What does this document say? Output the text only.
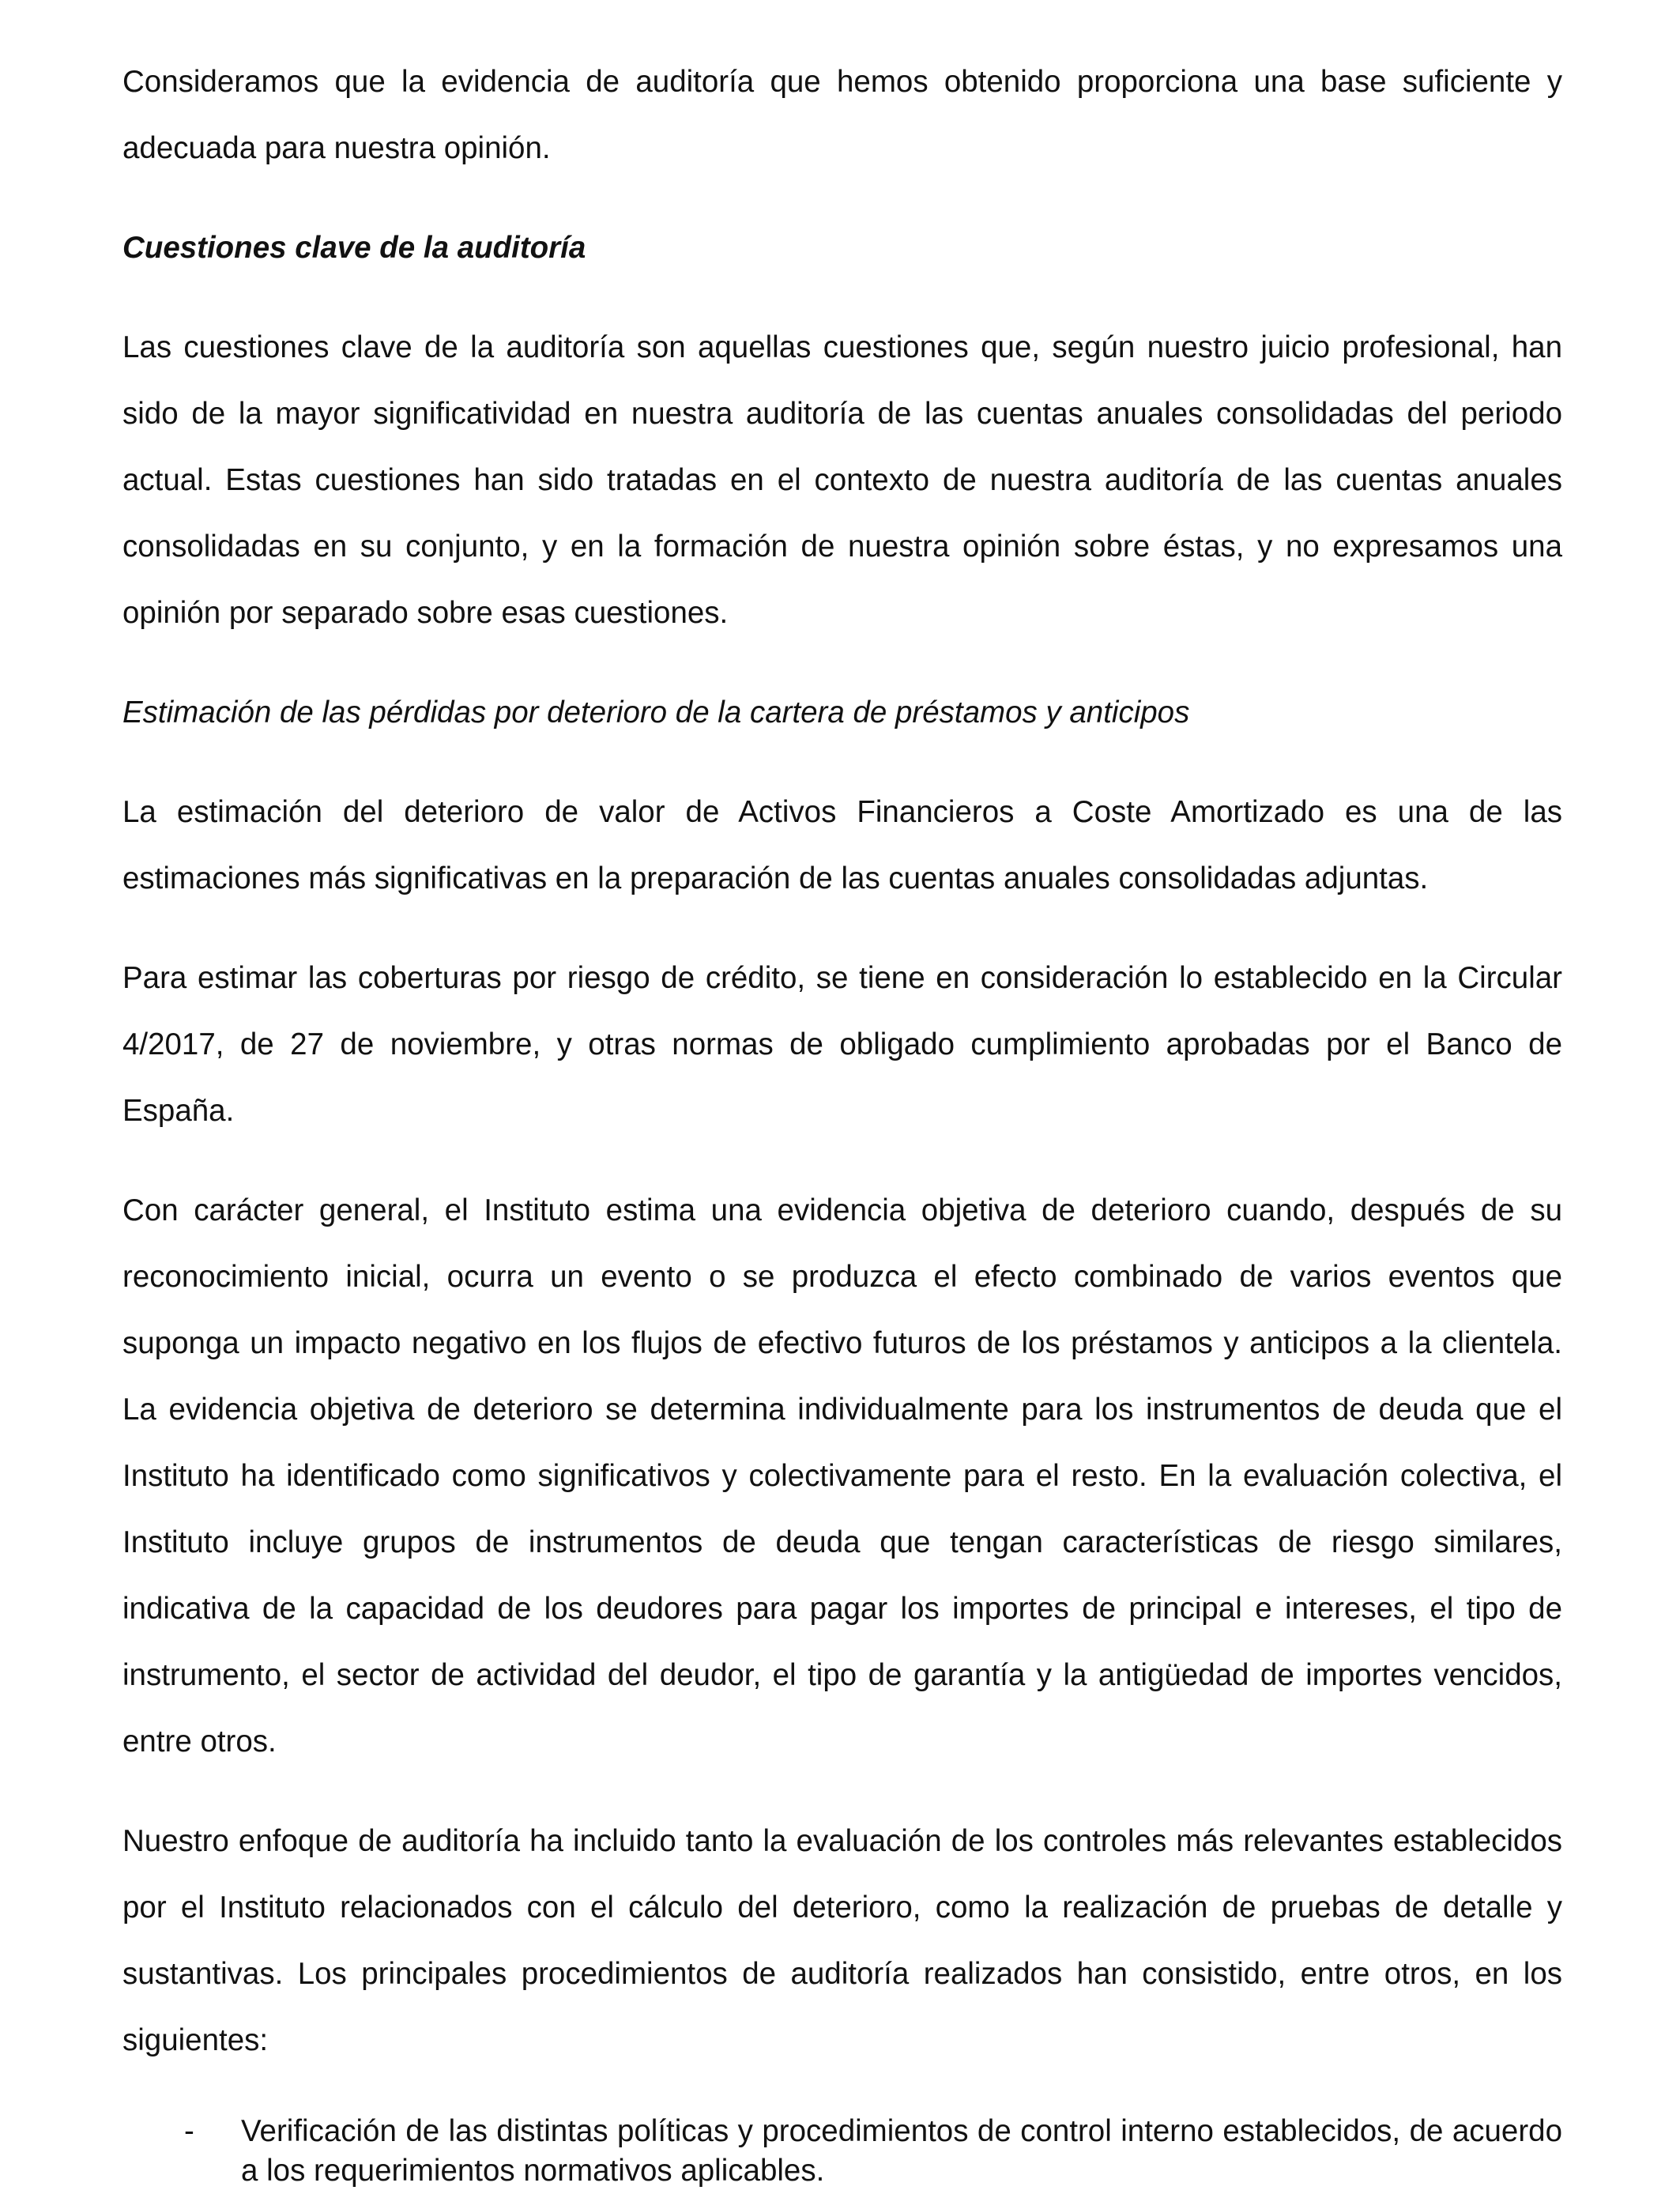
Consideramos que la evidencia de auditoría que hemos obtenido proporciona una base suficiente y adecuada para nuestra opinión.

Cuestiones clave de la auditoría

Las cuestiones clave de la auditoría son aquellas cuestiones que, según nuestro juicio profesional, han sido de la mayor significatividad en nuestra auditoría de las cuentas anuales consolidadas del periodo actual. Estas cuestiones han sido tratadas en el contexto de nuestra auditoría de las cuentas anuales consolidadas en su conjunto, y en la formación de nuestra opinión sobre éstas, y no expresamos una opinión por separado sobre esas cuestiones.

Estimación de las pérdidas por deterioro de la cartera de préstamos y anticipos

La estimación del deterioro de valor de Activos Financieros a Coste Amortizado es una de las estimaciones más significativas en la preparación de las cuentas anuales consolidadas adjuntas.

Para estimar las coberturas por riesgo de crédito, se tiene en consideración lo establecido en la Circular 4/2017, de 27 de noviembre, y otras normas de obligado cumplimiento aprobadas por el Banco de España.

Con carácter general, el Instituto estima una evidencia objetiva de deterioro cuando, después de su reconocimiento inicial, ocurra un evento o se produzca el efecto combinado de varios eventos que suponga un impacto negativo en los flujos de efectivo futuros de los préstamos y anticipos a la clientela. La evidencia objetiva de deterioro se determina individualmente para los instrumentos de deuda que el Instituto ha identificado como significativos y colectivamente para el resto. En la evaluación colectiva, el Instituto incluye grupos de instrumentos de deuda que tengan características de riesgo similares, indicativa de la capacidad de los deudores para pagar los importes de principal e intereses, el tipo de instrumento, el sector de actividad del deudor, el tipo de garantía y la antigüedad de importes vencidos, entre otros.

Nuestro enfoque de auditoría ha incluido tanto la evaluación de los controles más relevantes establecidos por el Instituto relacionados con el cálculo del deterioro, como la realización de pruebas de detalle y sustantivas. Los principales procedimientos de auditoría realizados han consistido, entre otros, en los siguientes:

- Verificación de las distintas políticas y procedimientos de control interno establecidos, de acuerdo a los requerimientos normativos aplicables.
